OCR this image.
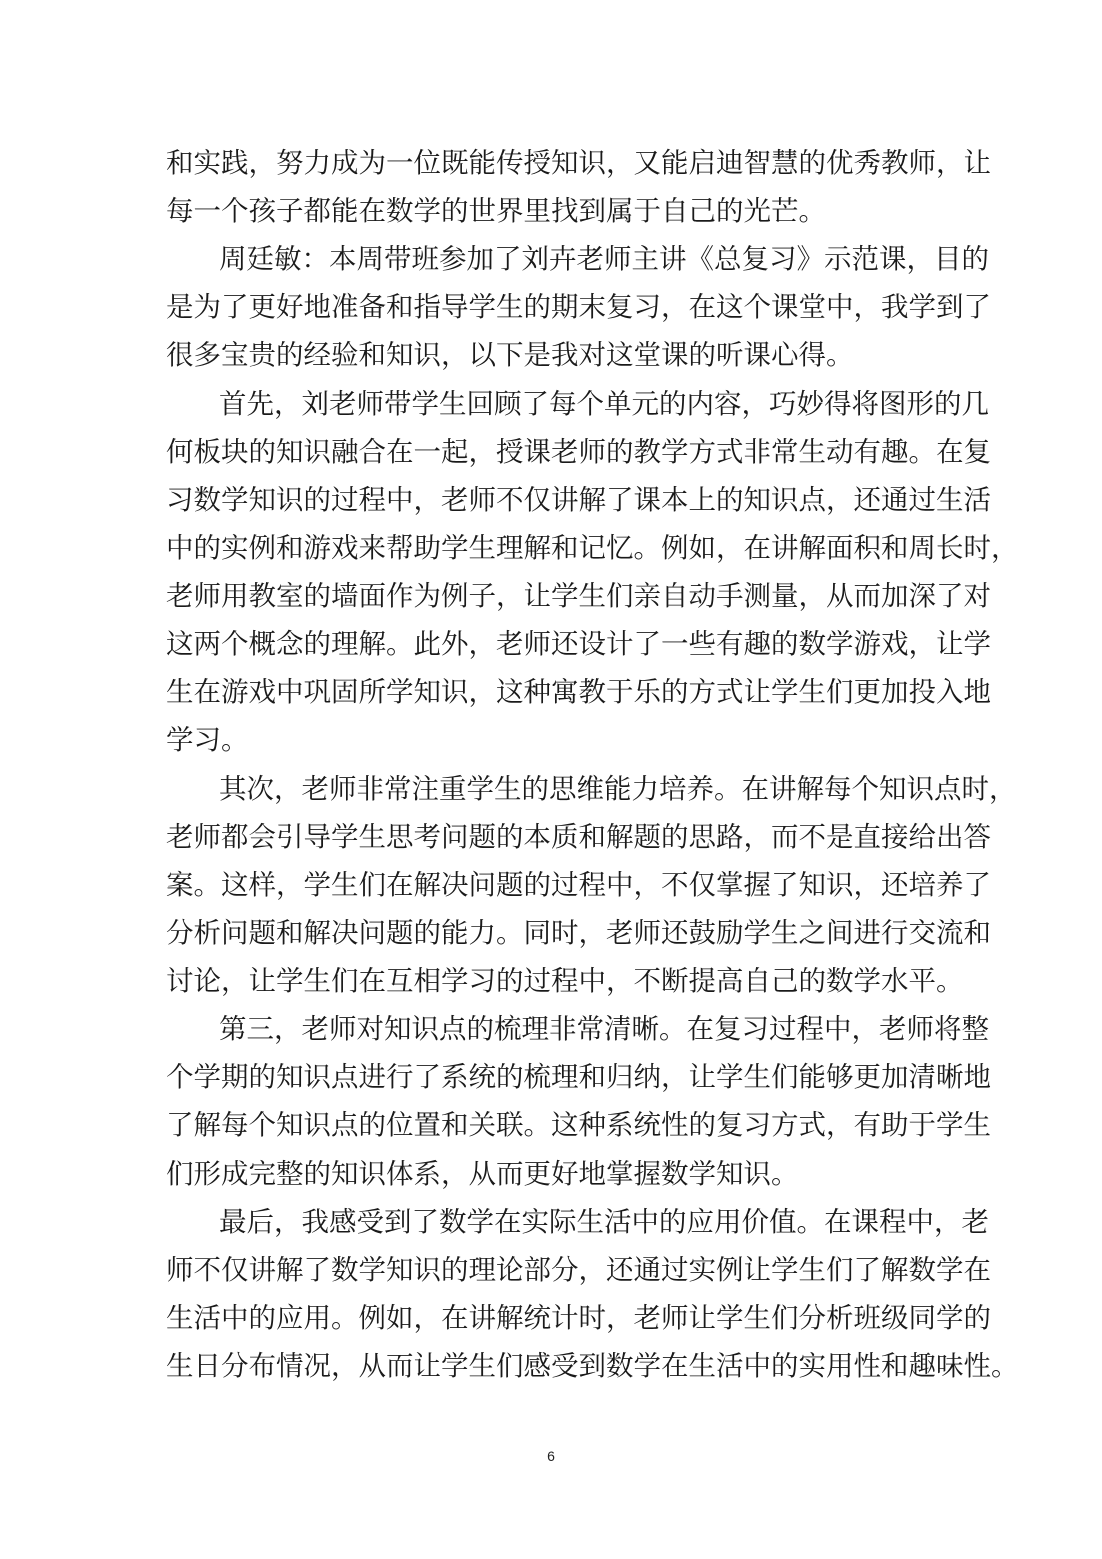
和实践，努力成为一位既能传授知识，又能启迪智慧的优秀教师，让
每一个孩子都能在数学的世界里找到属于自己的光芒。
周廷敏：本周带班参加了刘卉老师主讲《总复习》示范课，目的
是为了更好地准备和指导学生的期末复习，在这个课堂中，我学到了
很多宝贵的经验和知识，以下是我对这堂课的听课心得。
首先，刘老师带学生回顾了每个单元的内容，巧妙得将图形的几
何板块的知识融合在一起，授课老师的教学方式非常生动有趣。在复
习数学知识的过程中，老师不仅讲解了课本上的知识点，还通过生活
中的实例和游戏来帮助学生理解和记忆。例如，在讲解面积和周长时，
老师用教室的墙面作为例子，让学生们亲自动手测量，从而加深了对
这两个概念的理解。此外，老师还设计了一些有趣的数学游戏，让学
生在游戏中巩固所学知识，这种寓教于乐的方式让学生们更加投入地
学习。
其次，老师非常注重学生的思维能力培养。在讲解每个知识点时，
老师都会引导学生思考问题的本质和解题的思路，而不是直接给出答
案。这样，学生们在解决问题的过程中，不仅掌握了知识，还培养了
分析问题和解决问题的能力。同时，老师还鼓励学生之间进行交流和
讨论，让学生们在互相学习的过程中，不断提高自己的数学水平。
第三，老师对知识点的梳理非常清晰。在复习过程中，老师将整
个学期的知识点进行了系统的梳理和归纳，让学生们能够更加清晰地
了解每个知识点的位置和关联。这种系统性的复习方式，有助于学生
们形成完整的知识体系，从而更好地掌握数学知识。
最后，我感受到了数学在实际生活中的应用价值。在课程中，老
师不仅讲解了数学知识的理论部分，还通过实例让学生们了解数学在
生活中的应用。例如，在讲解统计时，老师让学生们分析班级同学的
生日分布情况，从而让学生们感受到数学在生活中的实用性和趣味性。
6
